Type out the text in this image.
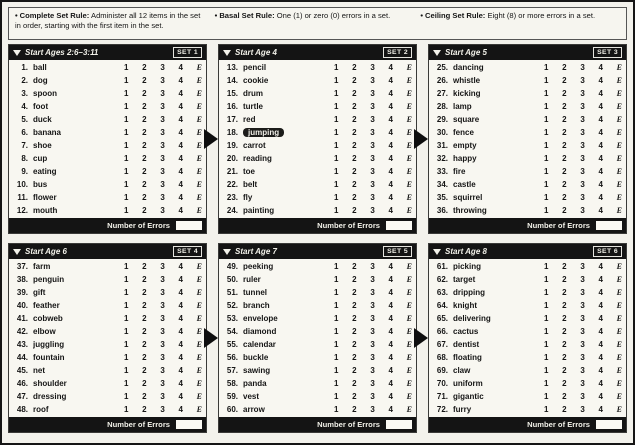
• Complete Set Rule: Administer all 12 items in the set in order, starting with the first item in the set.
• Basal Set Rule: One (1) or zero (0) errors in a set.	• Ceiling Set Rule: Eight (8) or more errors in a set.
Start Ages 2:6–3:11	SET 1
1. ball	1 2 3 4 E
2. dog	1 2 3 4 E
3. spoon	1 2 3 4 E
4. foot	1 2 3 4 E
5. duck	1 2 3 4 E
6. banana	1 2 3 4 E
7. shoe	1 2 3 4 E
8. cup	1 2 3 4 E
9. eating	1 2 3 4 E
10. bus	1 2 3 4 E
11. flower	1 2 3 4 E
12. mouth	1 2 3 4 E
Number of Errors
Start Age 4	SET 2
13. pencil	1 2 3 4 E
14. cookie	1 2 3 4 E
15. drum	1 2 3 4 E
16. turtle	1 2 3 4 E
17. red	1 2 3 4 E
18.	jumping	1 2 3 4 E
19. carrot	1 2 3 4 E
20. reading	1 2 3 4 E
21. toe	1 2 3 4 E
22. belt	1 2 3 4 E
23. fly	1 2 3 4 E
24. painting	1 2 3 4 E
Number of Errors
Start Age 5	SET 3
25. dancing	1 2 3 4 E
26. whistle	1 2 3 4 E
27. kicking	1 2 3 4 E
28. lamp	1 2 3 4 E
29. square	1 2 3 4 E
30. fence	1 2 3 4 E
31. empty	1 2 3 4 E
32. happy	1 2 3 4 E
33. fire	1 2 3 4 E
34. castle	1 2 3 4 E
35. squirrel	1 2 3 4 E
36. throwing	1 2 3 4 E
Number of Errors
Start Age 6	SET 4
37. farm	1 2 3 4 E
38. penguin	1 2 3 4 E
39. gift	1 2 3 4 E
40. feather	1 2 3 4 E
41. cobweb	1 2 3 4 E
42. elbow	1 2 3 4 E
43. juggling	1 2 3 4 E
44. fountain	1 2 3 4 E
45. net	1 2 3 4 E
46. shoulder	1 2 3 4 E
47. dressing	1 2 3 4 E
48. roof	1 2 3 4 E
Number of Errors
Start Age 7	SET 5
49. peeking	1 2 3 4 E
50. ruler	1 2 3 4 E
51. tunnel	1 2 3 4 E
52. branch	1 2 3 4 E
53. envelope	1 2 3 4 E
54. diamond	1 2 3 4 E
55. calendar	1 2 3 4 E
56. buckle	1 2 3 4 E
57. sawing	1 2 3 4 E
58. panda	1 2 3 4 E
59. vest	1 2 3 4 E
60. arrow	1 2 3 4 E
Number of Errors
Start Age 8	SET 6
61. picking	1 2 3 4 E
62. target	1 2 3 4 E
63. dripping	1 2 3 4 E
64. knight	1 2 3 4 E
65. delivering	1 2 3 4 E
66. cactus	1 2 3 4 E
67. dentist	1 2 3 4 E
68. floating	1 2 3 4 E
69. claw	1 2 3 4 E
70. uniform	1 2 3 4 E
71. gigantic	1 2 3 4 E
72. furry	1 2 3 4 E
Number of Errors
